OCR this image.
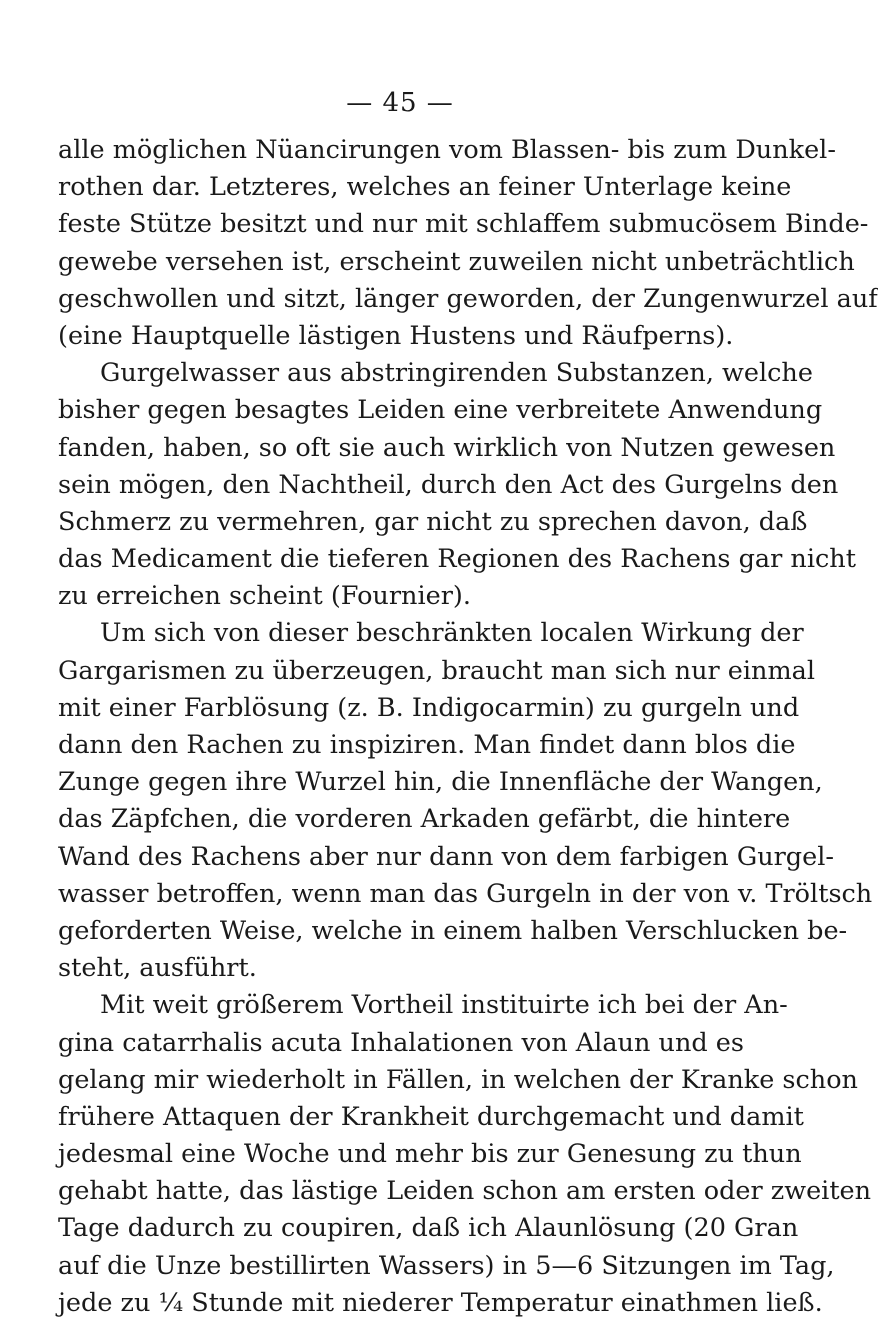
— 45 —
alle möglichen Nüancirungen vom Blassen- bis zum Dunkel-
rothen dar. Letzteres, welches an feiner Unterlage keine
feste Stütze besitzt und nur mit schlaffem submucösem Binde-
gewebe versehen ist, erscheint zuweilen nicht unbeträchtlich
geschwollen und sitzt, länger geworden, der Zungenwurzel auf
(eine Hauptquelle lästigen Hustens und Räufperns).
Gurgelwasser aus abstringirenden Substanzen, welche
bisher gegen besagtes Leiden eine verbreitete Anwendung
fanden, haben, so oft sie auch wirklich von Nutzen gewesen
sein mögen, den Nachtheil, durch den Act des Gurgelns den
Schmerz zu vermehren, gar nicht zu sprechen davon, daß
das Medicament die tieferen Regionen des Rachens gar nicht
zu erreichen scheint (Fournier).
Um sich von dieser beschränkten localen Wirkung der
Gargarismen zu überzeugen, braucht man sich nur einmal
mit einer Farblösung (z. B. Indigocarmin) zu gurgeln und
dann den Rachen zu inspiziren. Man findet dann blos die
Zunge gegen ihre Wurzel hin, die Innenfläche der Wangen,
das Zäpfchen, die vorderen Arkaden gefärbt, die hintere
Wand des Rachens aber nur dann von dem farbigen Gurgel-
wasser betroffen, wenn man das Gurgeln in der von v. Tröltsch
geforderten Weise, welche in einem halben Verschlucken be-
steht, ausführt.
Mit weit größerem Vortheil instituirte ich bei der An-
gina catarrhalis acuta Inhalationen von Alaun und es
gelang mir wiederholt in Fällen, in welchen der Kranke schon
frühere Attaquen der Krankheit durchgemacht und damit
jedesmal eine Woche und mehr bis zur Genesung zu thun
gehabt hatte, das lästige Leiden schon am ersten oder zweiten
Tage dadurch zu coupiren, daß ich Alaunlösung (20 Gran
auf die Unze bestillirten Wassers) in 5—6 Sitzungen im Tag,
jede zu ¼ Stunde mit niederer Temperatur einathmen ließ.
